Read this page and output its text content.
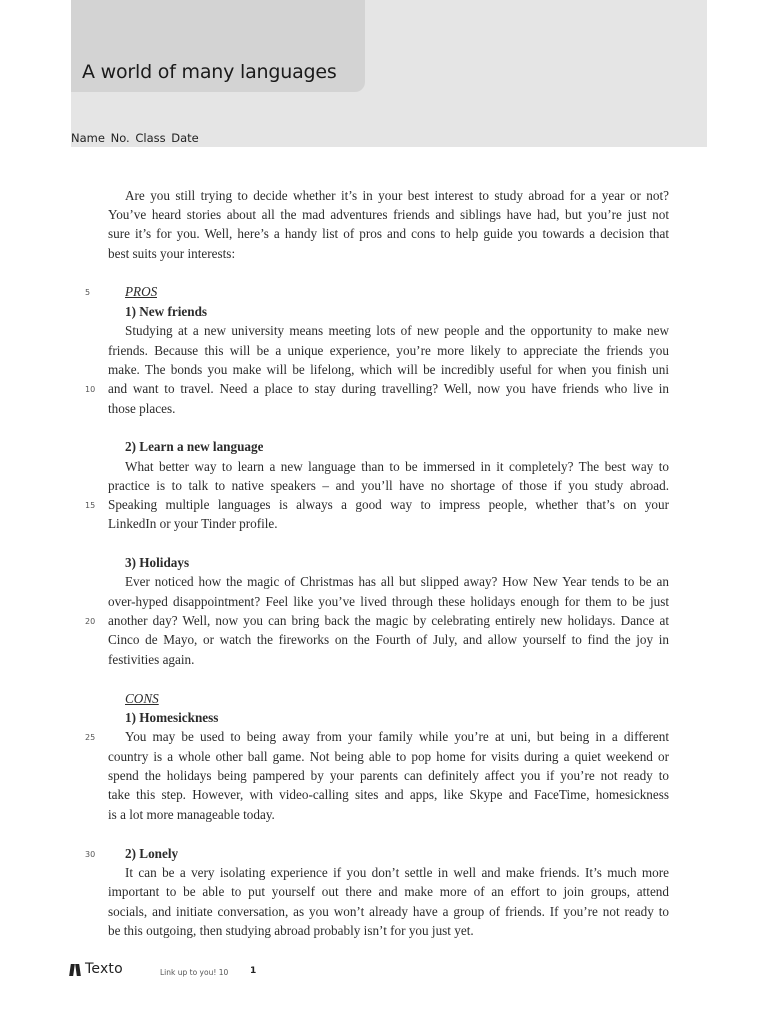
A world of many languages
Name No. Class Date
Are you still trying to decide whether it’s in your best interest to study abroad for a year or not?
You’ve heard stories about all the mad adventures friends and siblings have had, but you’re just not
sure it’s for you. Well, here’s a handy list of pros and cons to help guide you towards a decision that
best suits your interests:
PROS
5
1) New friends
Studying at a new university means meeting lots of new people and the opportunity to make new
friends. Because this will be a unique experience, you’re more likely to appreciate the friends you
make. The bonds you make will be lifelong, which will be incredibly useful for when you finish uni
and want to travel. Need a place to stay during travelling? Well, now you have friends who live in
10
those places.
2) Learn a new language
What better way to learn a new language than to be immersed in it completely? The best way to
practice is to talk to native speakers – and you’ll have no shortage of those if you study abroad.
Speaking multiple languages is always a good way to impress people, whether that’s on your
15
LinkedIn or your Tinder profile.
3) Holidays
Ever noticed how the magic of Christmas has all but slipped away? How New Year tends to be an
over-hyped disappointment? Feel like you’ve lived through these holidays enough for them to be just
another day? Well, now you can bring back the magic by celebrating entirely new holidays. Dance at
20
Cinco de Mayo, or watch the fireworks on the Fourth of July, and allow yourself to find the joy in
festivities again.
CONS
1) Homesickness
You may be used to being away from your family while you’re at uni, but being in a different
25
country is a whole other ball game. Not being able to pop home for visits during a quiet weekend or
spend the holidays being pampered by your parents can definitely affect you if you’re not ready to
take this step. However, with video-calling sites and apps, like Skype and FaceTime, homesickness
is a lot more manageable today.
2) Lonely
30
It can be a very isolating experience if you don’t settle in well and make friends. It’s much more
important to be able to put yourself out there and make more of an effort to join groups, attend
socials, and initiate conversation, as you won’t already have a group of friends. If you’re not ready to
be this outgoing, then studying abroad probably isn’t for you just yet.
Texto	Link up to you! 10 1
